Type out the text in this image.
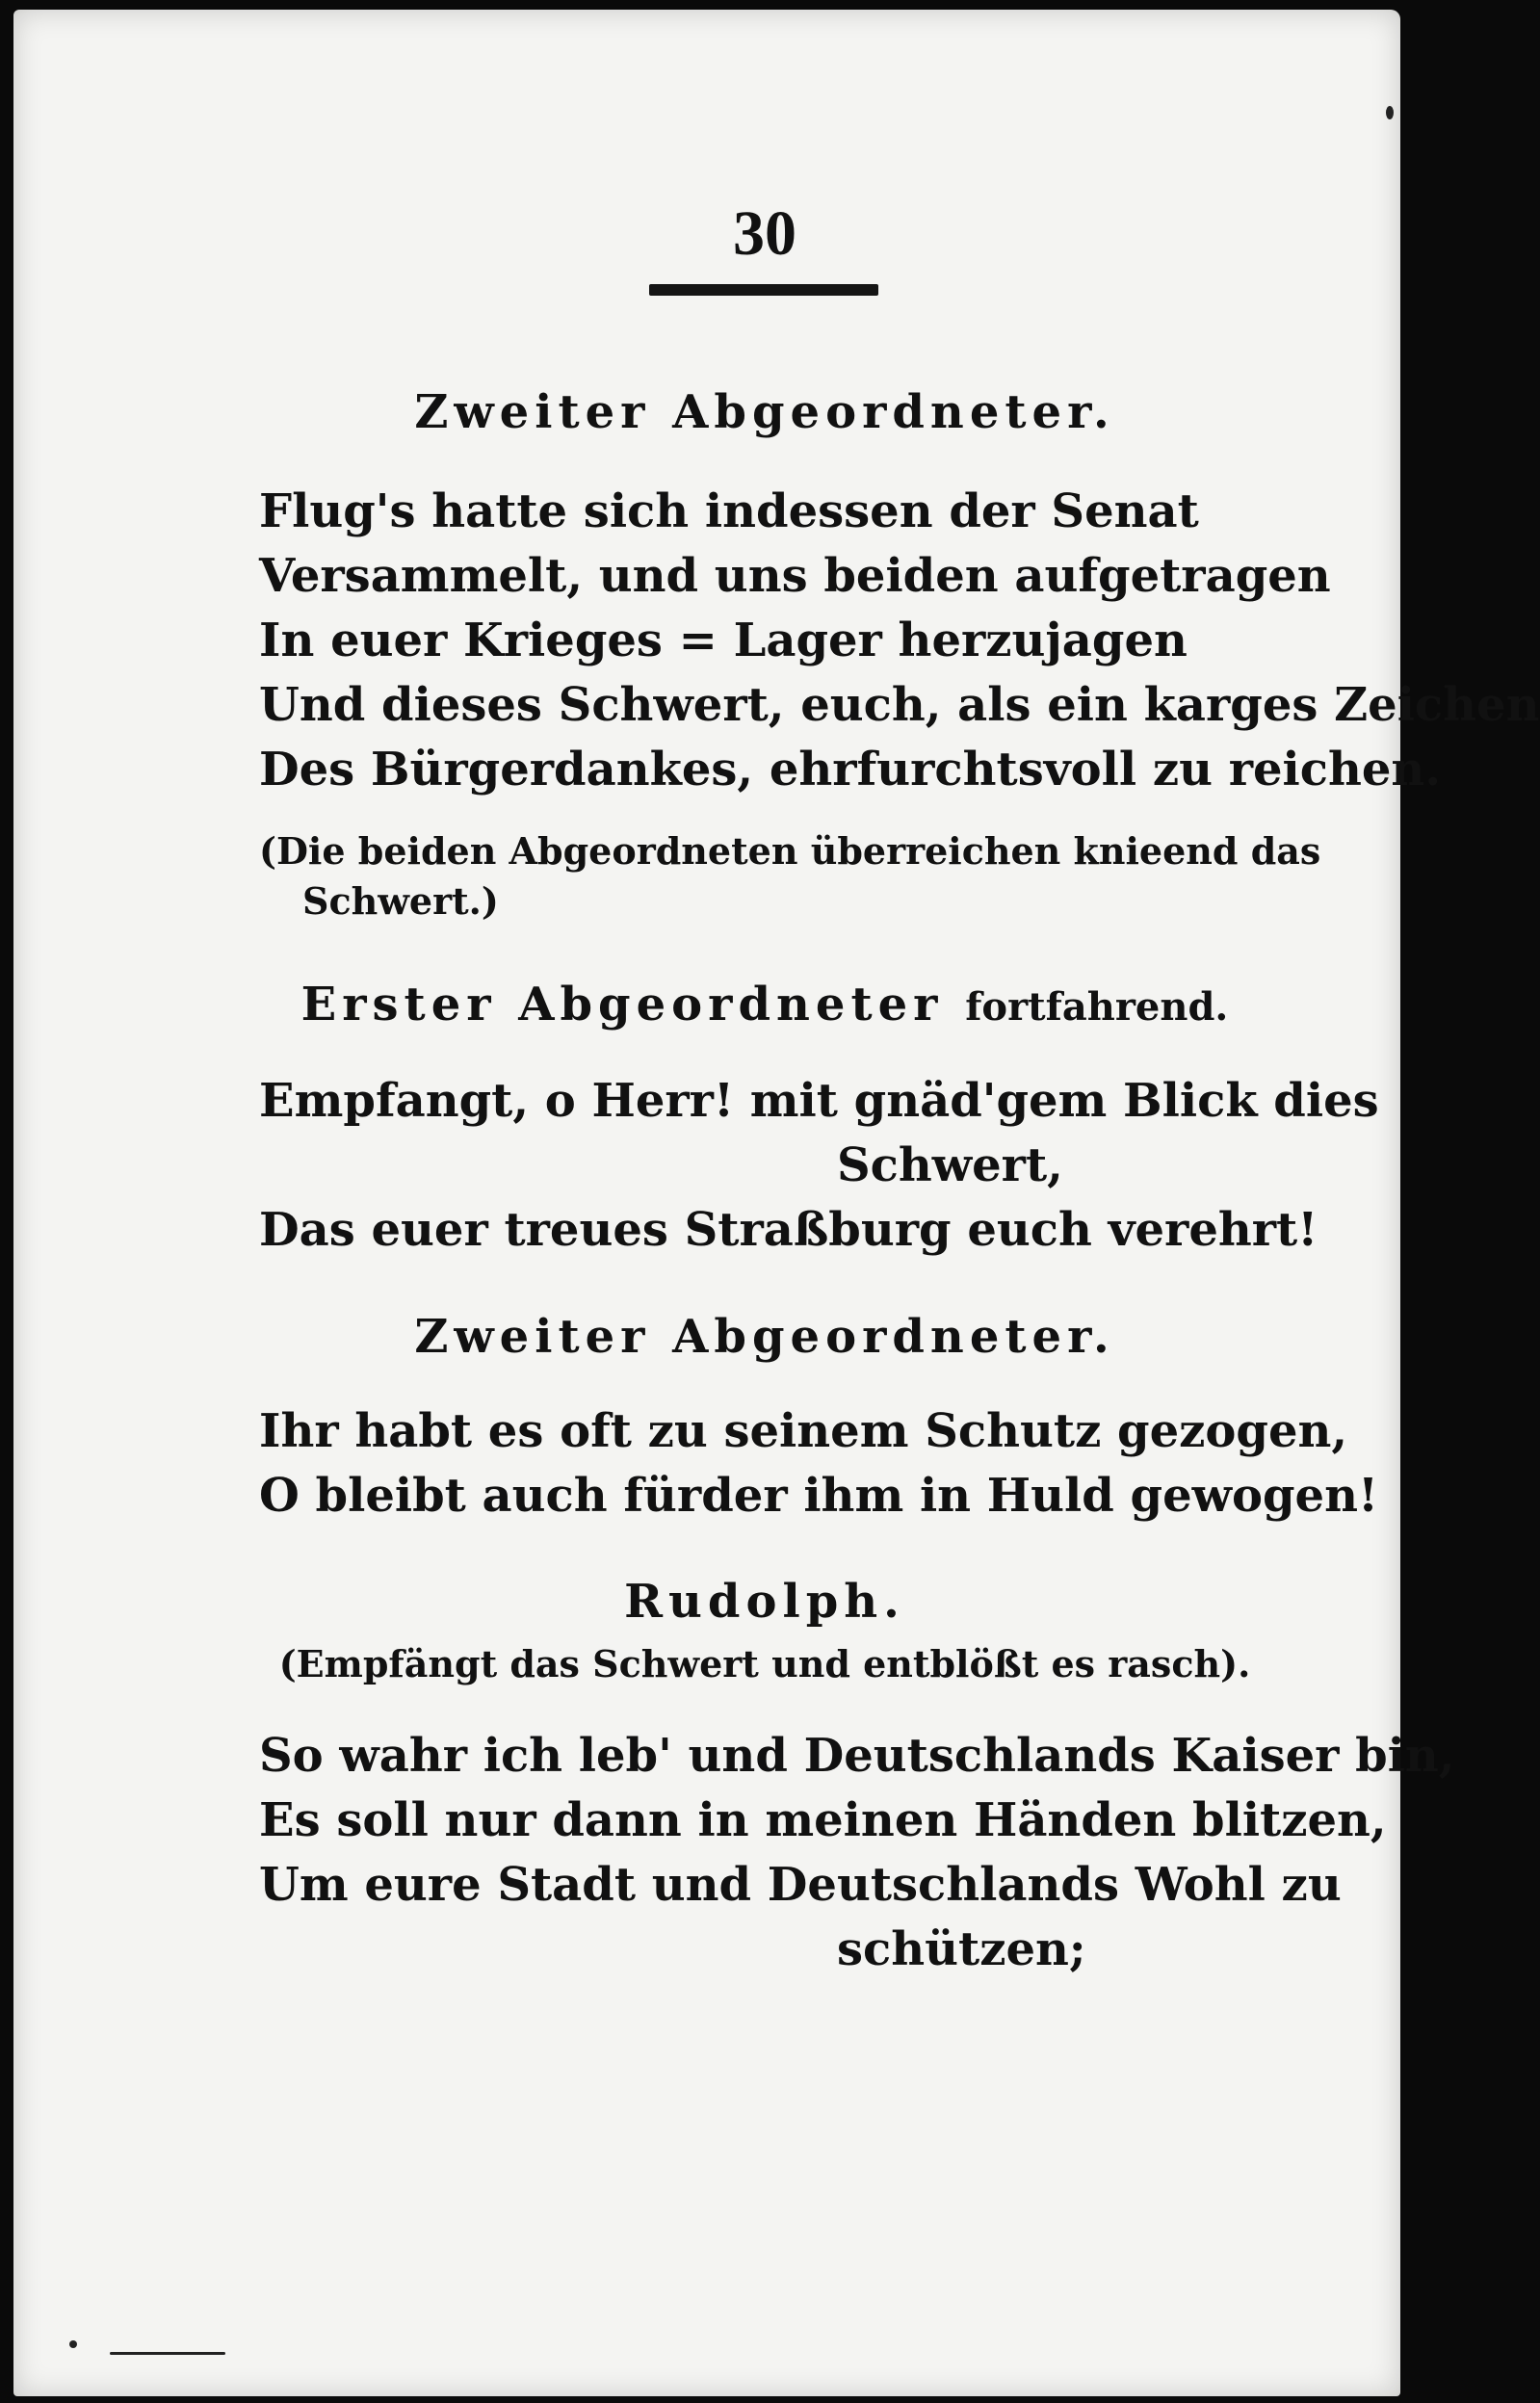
30
Zweiter Abgeordneter.
Flug's hatte sich indessen der Senat
Versammelt, und uns beiden aufgetragen
In euer Krieges = Lager herzujagen
Und dieses Schwert, euch, als ein karges Zeichen
Des Bürgerdankes, ehrfurchtsvoll zu reichen.
(Die beiden Abgeordneten überreichen knieend das
Schwert.)
Erster Abgeordneter fortfahrend.
Empfangt, o Herr! mit gnäd'gem Blick dies
Schwert,
Das euer treues Straßburg euch verehrt!
Zweiter Abgeordneter.
Ihr habt es oft zu seinem Schutz gezogen,
O bleibt auch fürder ihm in Huld gewogen!
Rudolph.
(Empfängt das Schwert und entblößt es rasch).
So wahr ich leb' und Deutschlands Kaiser bin,
Es soll nur dann in meinen Händen blitzen,
Um eure Stadt und Deutschlands Wohl zu
schützen;
